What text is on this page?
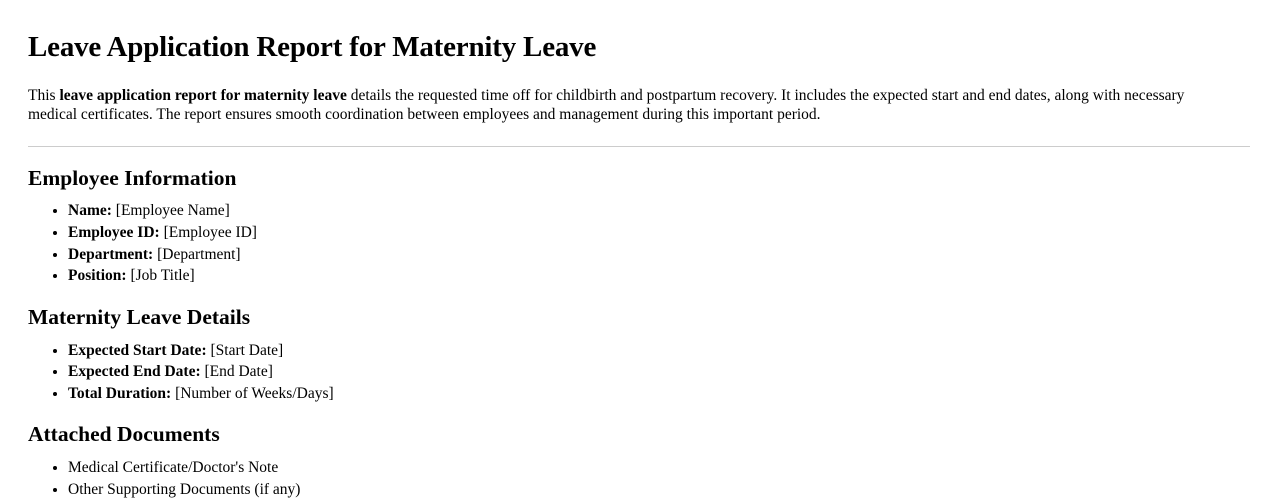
Leave Application Report for Maternity Leave

This leave application report for maternity leave details the requested time off for childbirth and postpartum recovery. It includes the expected start and end dates, along with necessary medical certificates. The report ensures smooth coordination between employees and management during this important period.

Employee Information
• Name: [Employee Name]
• Employee ID: [Employee ID]
• Department: [Department]
• Position: [Job Title]
Maternity Leave Details
• Expected Start Date: [Start Date]
• Expected End Date: [End Date]
• Total Duration: [Number of Weeks/Days]
Attached Documents
• Medical Certificate/Doctor's Note
• Other Supporting Documents (if any)
